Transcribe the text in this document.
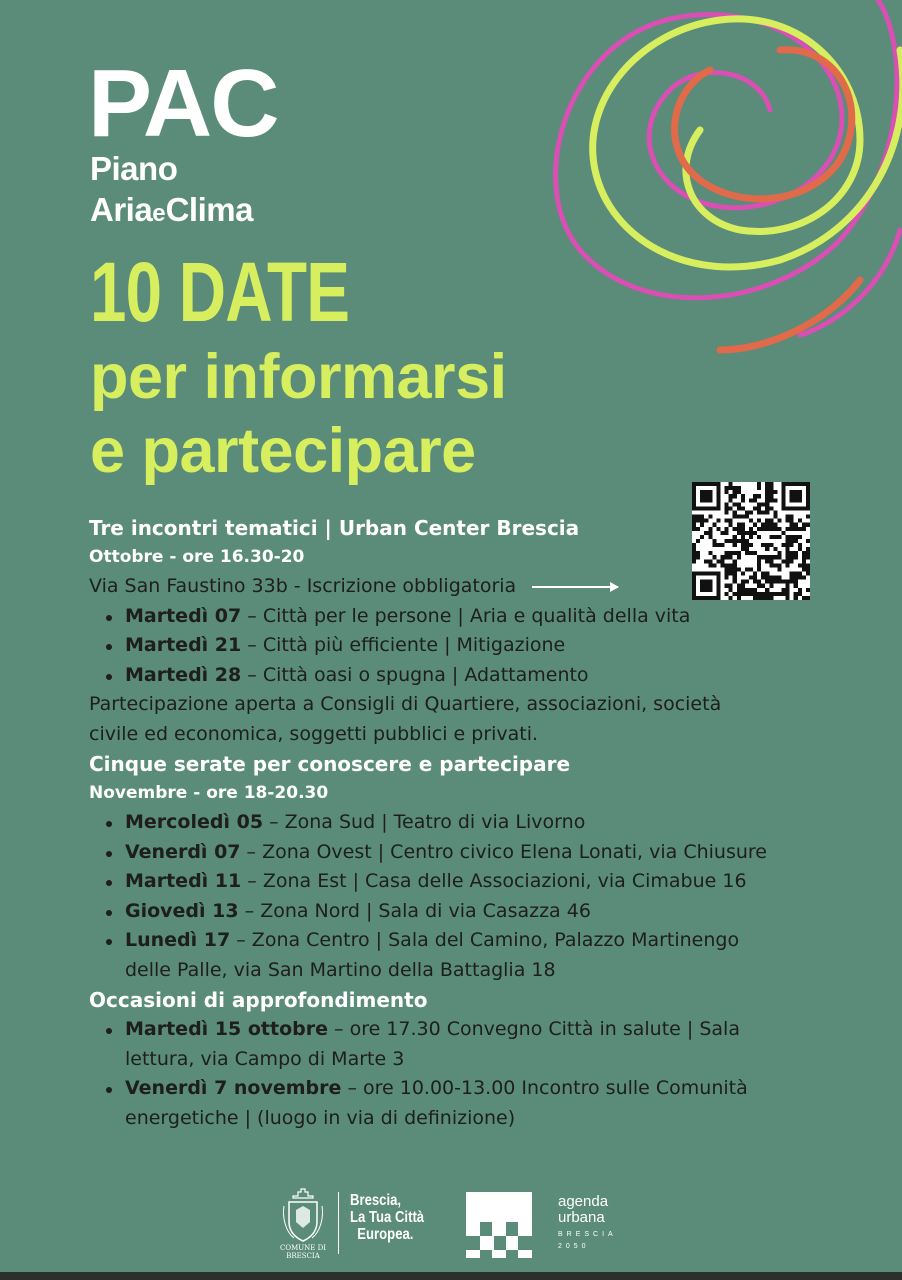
PAC
Piano
AriaeClima
10 DATE
per informarsi
e partecipare
Tre incontri tematici | Urban Center Brescia
Ottobre - ore 16.30-20
Via San Faustino 33b - Iscrizione obbligatoria
Martedì 07 – Città per le persone | Aria e qualità della vita
Martedì 21 – Città più efficiente | Mitigazione
Martedì 28 – Città oasi o spugna | Adattamento
Partecipazione aperta a Consigli di Quartiere, associazioni, società
civile ed economica, soggetti pubblici e privati.
Cinque serate per conoscere e partecipare
Novembre - ore 18-20.30
Mercoledì 05 – Zona Sud | Teatro di via Livorno
Venerdì 07 – Zona Ovest | Centro civico Elena Lonati, via Chiusure
Martedì 11 – Zona Est | Casa delle Associazioni, via Cimabue 16
Giovedì 13 – Zona Nord | Sala di via Casazza 46
Lunedì 17 – Zona Centro | Sala del Camino, Palazzo Martinengo
delle Palle, via San Martino della Battaglia 18
Occasioni di approfondimento
Martedì 15 ottobre – ore 17.30 Convegno Città in salute | Sala
lettura, via Campo di Marte 3
Venerdì 7 novembre – ore 10.00-13.00 Incontro sulle Comunità
energetiche | (luogo in via di definizione)
COMUNE DI
BRESCIA
Brescia,
La Tua Città
Europea.
agenda
urbana
BRESCIA
2050
